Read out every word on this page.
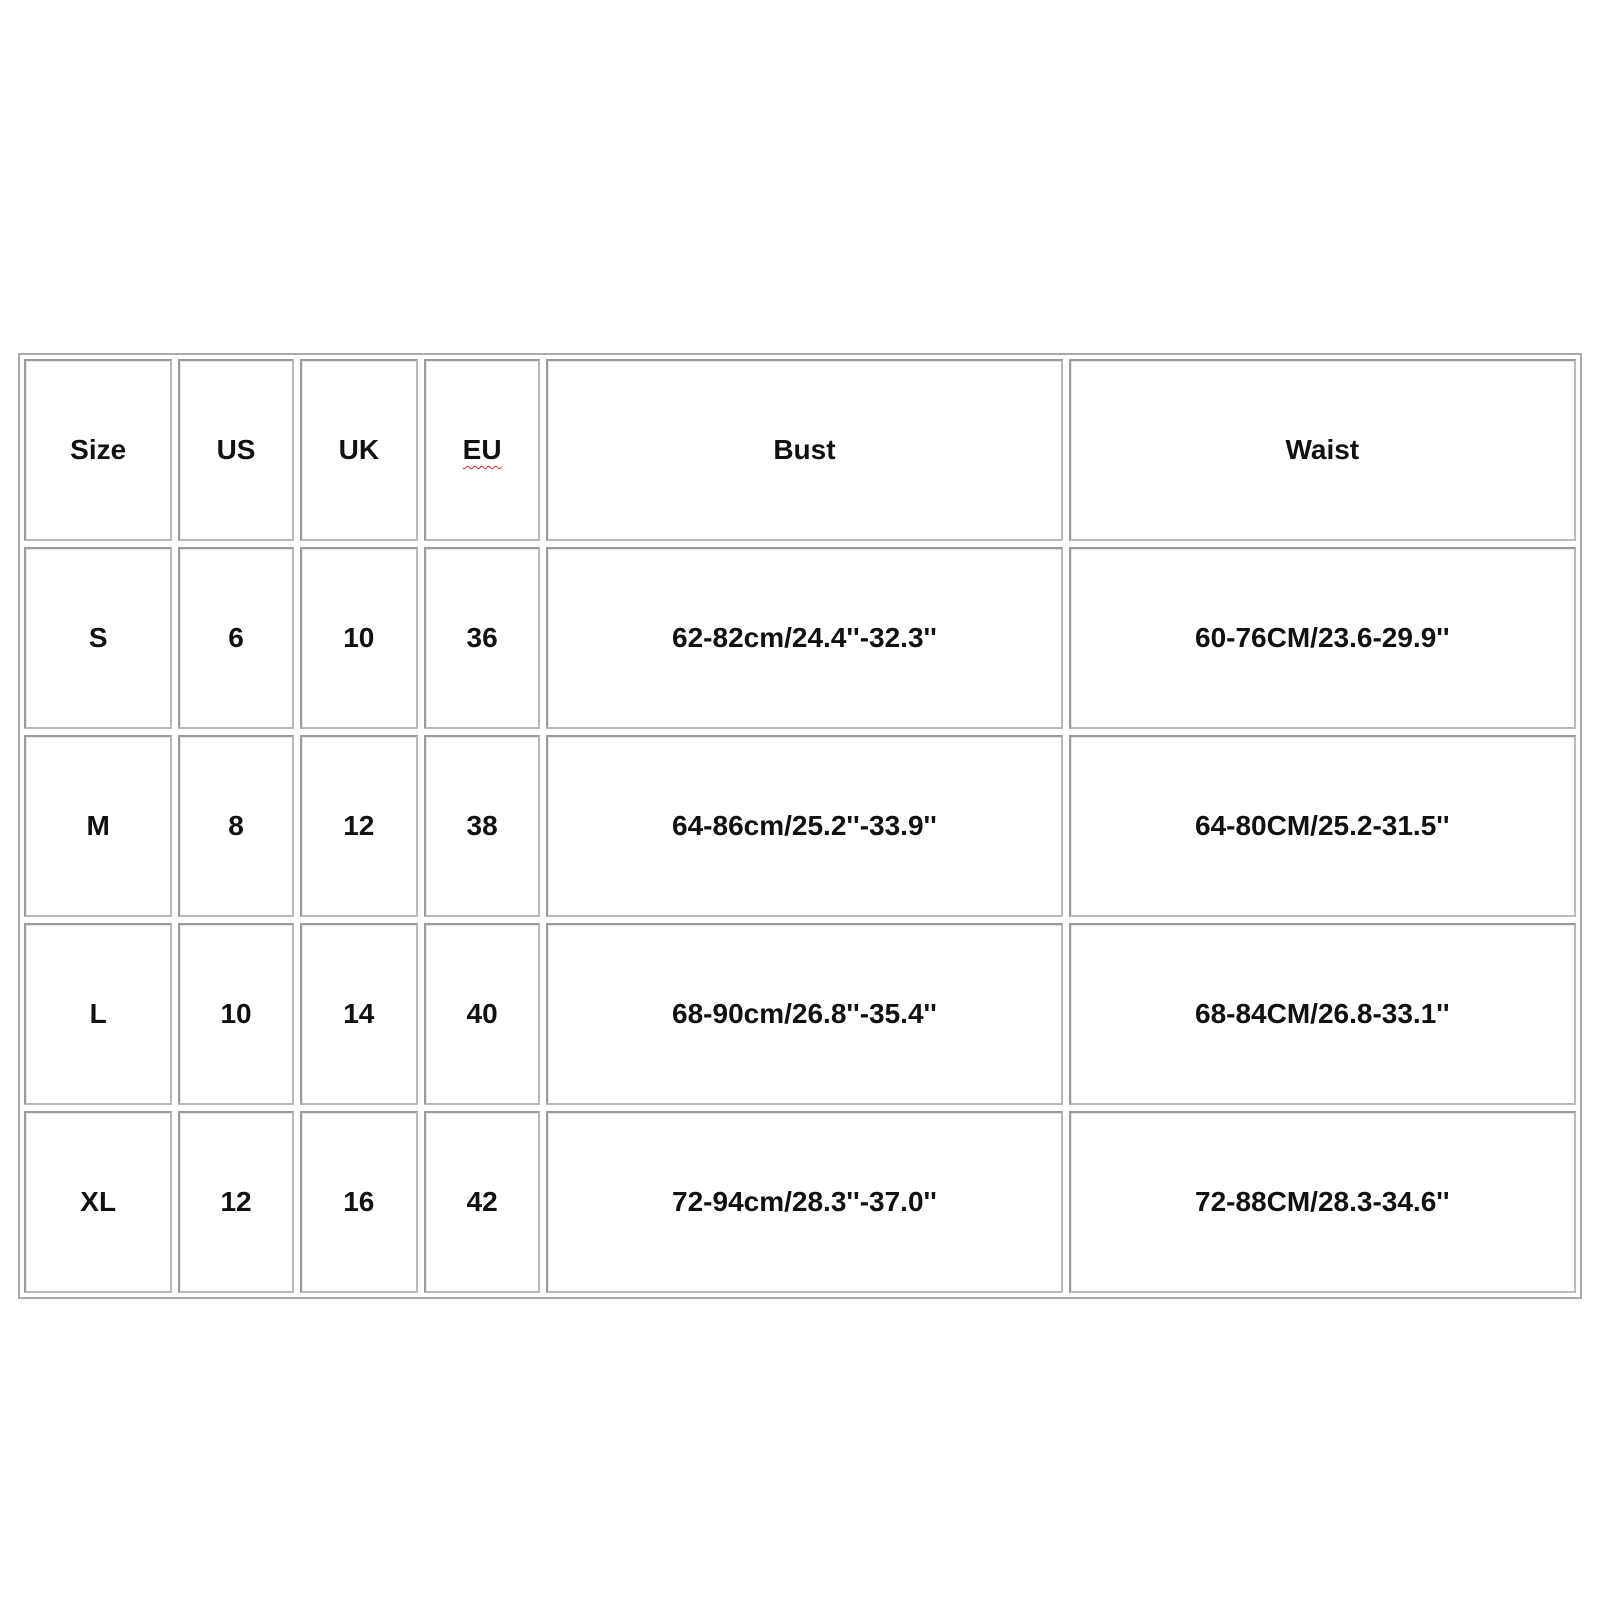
Size	US	UK	EU	Bust	Waist
S	6	10	36	62-82cm/24.4''-32.3''	60-76CM/23.6-29.9''
M	8	12	38	64-86cm/25.2''-33.9''	64-80CM/25.2-31.5''
L	10	14	40	68-90cm/26.8''-35.4''	68-84CM/26.8-33.1''
XL	12	16	42	72-94cm/28.3''-37.0''	72-88CM/28.3-34.6''
